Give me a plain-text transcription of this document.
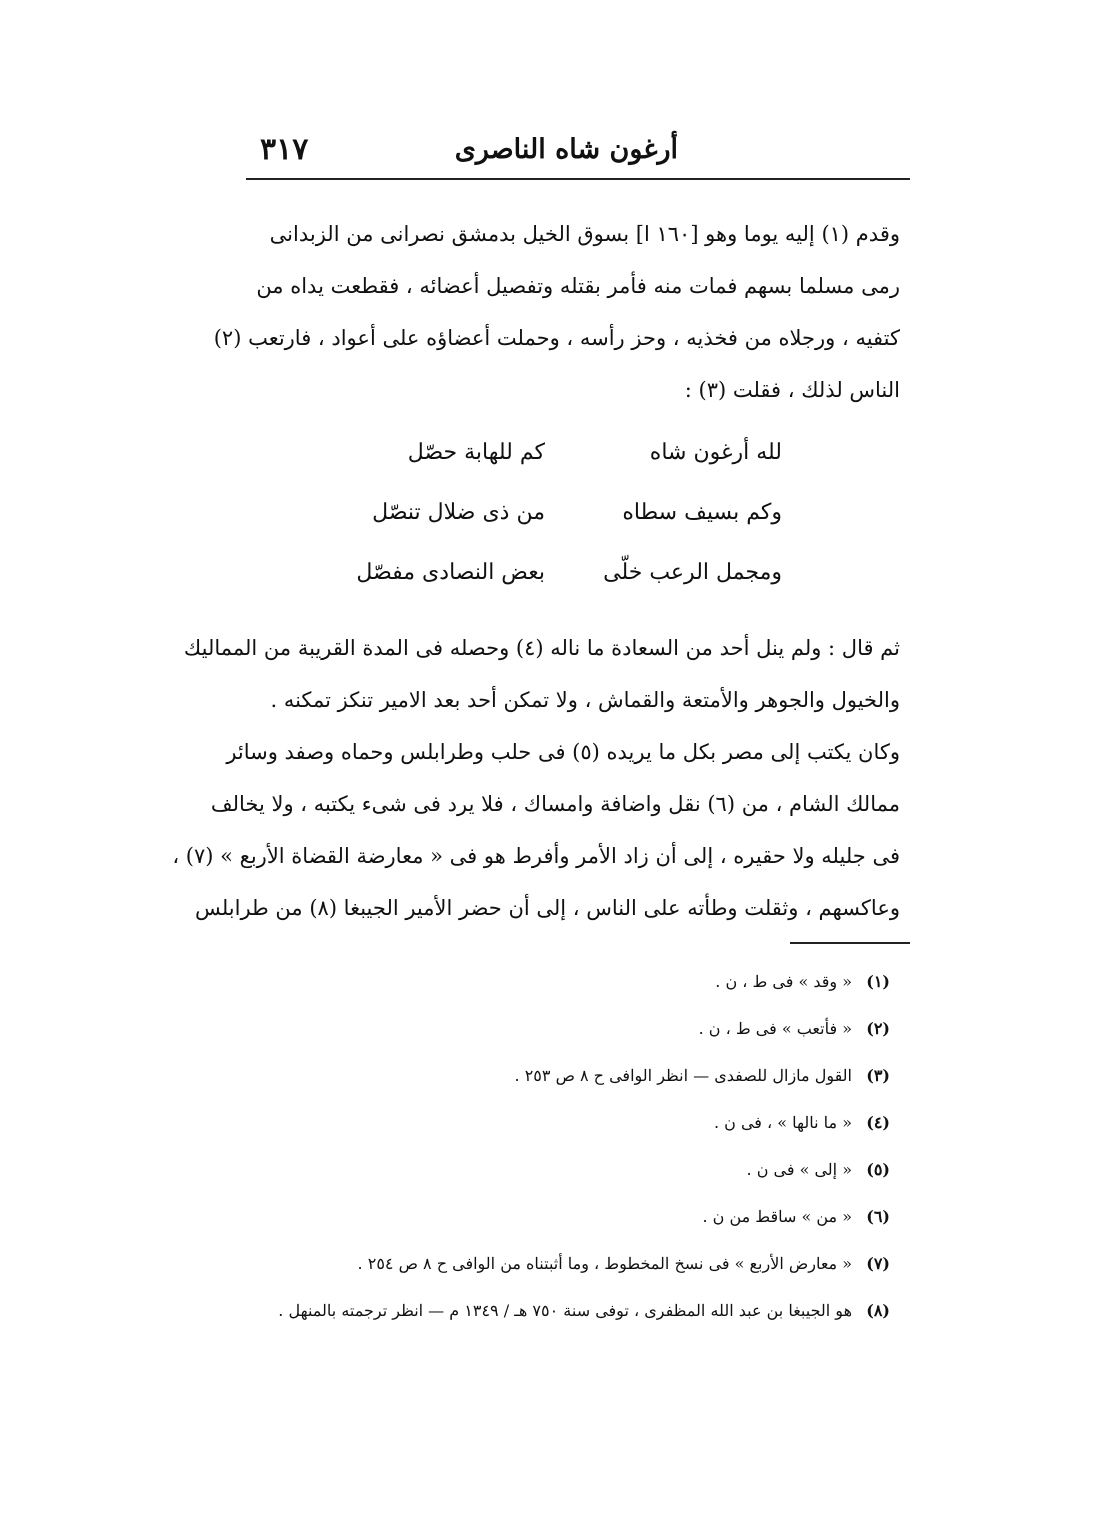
أرغون شاه الناصرى
٣١٧

وقدم (١) إليه يوما وهو [١٦٠ ا] بسوق الخيل بدمشق نصرانى من الزبدانى

رمى مسلما بسهم فمات منه فأمر بقتله وتفصيل أعضائه ، فقطعت يداه من

كتفيه ، ورجلاه من فخذيه ، وحز رأسه ، وحملت أعضاؤه على أعواد ، فارتعب (٢)

الناس لذلك ، فقلت (٣) :

لله أرغون شاه
كم للهابة حصّل
وكم بسيف سطاه
من ذى ضلال تنصّل
ومجمل الرعب خلّى
بعض النصادى مفصّل

ثم قال : ولم ينل أحد من السعادة ما ناله (٤) وحصله فى المدة القريبة من المماليك

والخيول والجوهر والأمتعة والقماش ، ولا تمكن أحد بعد الامير تنكز تمكنه .

وكان يكتب إلى مصر بكل ما يريده (٥) فى حلب وطرابلس وحماه وصفد وسائر

ممالك الشام ، من (٦) نقل واضافة وامساك ، فلا يرد فى شىء يكتبه ، ولا يخالف

فى جليله ولا حقيره ، إلى أن زاد الأمر وأفرط هو فى « معارضة القضاة الأربع » (٧) ،

وعاكسهم ، وثقلت وطأته على الناس ، إلى أن حضر الأمير الجيبغا (٨) من طرابلس

(١)« وقد » فى ط ، ن .
(٢)« فأتعب » فى ط ، ن .
(٣)القول مازال للصفدى — انظر الوافى ح ٨ ص ٢٥٣ .
(٤)« ما نالها » ، فى ن .
(٥)« إلى » فى ن .
(٦)« من » ساقط من ن .
(٧)« معارض الأربع » فى نسخ المخطوط ، وما أثبتناه من الوافى ح ٨ ص ٢٥٤ .
(٨)هو الجيبغا بن عبد الله المظفرى ، توفى سنة ٧٥٠ هـ / ١٣٤٩ م — انظر ترجمته بالمنهل .
